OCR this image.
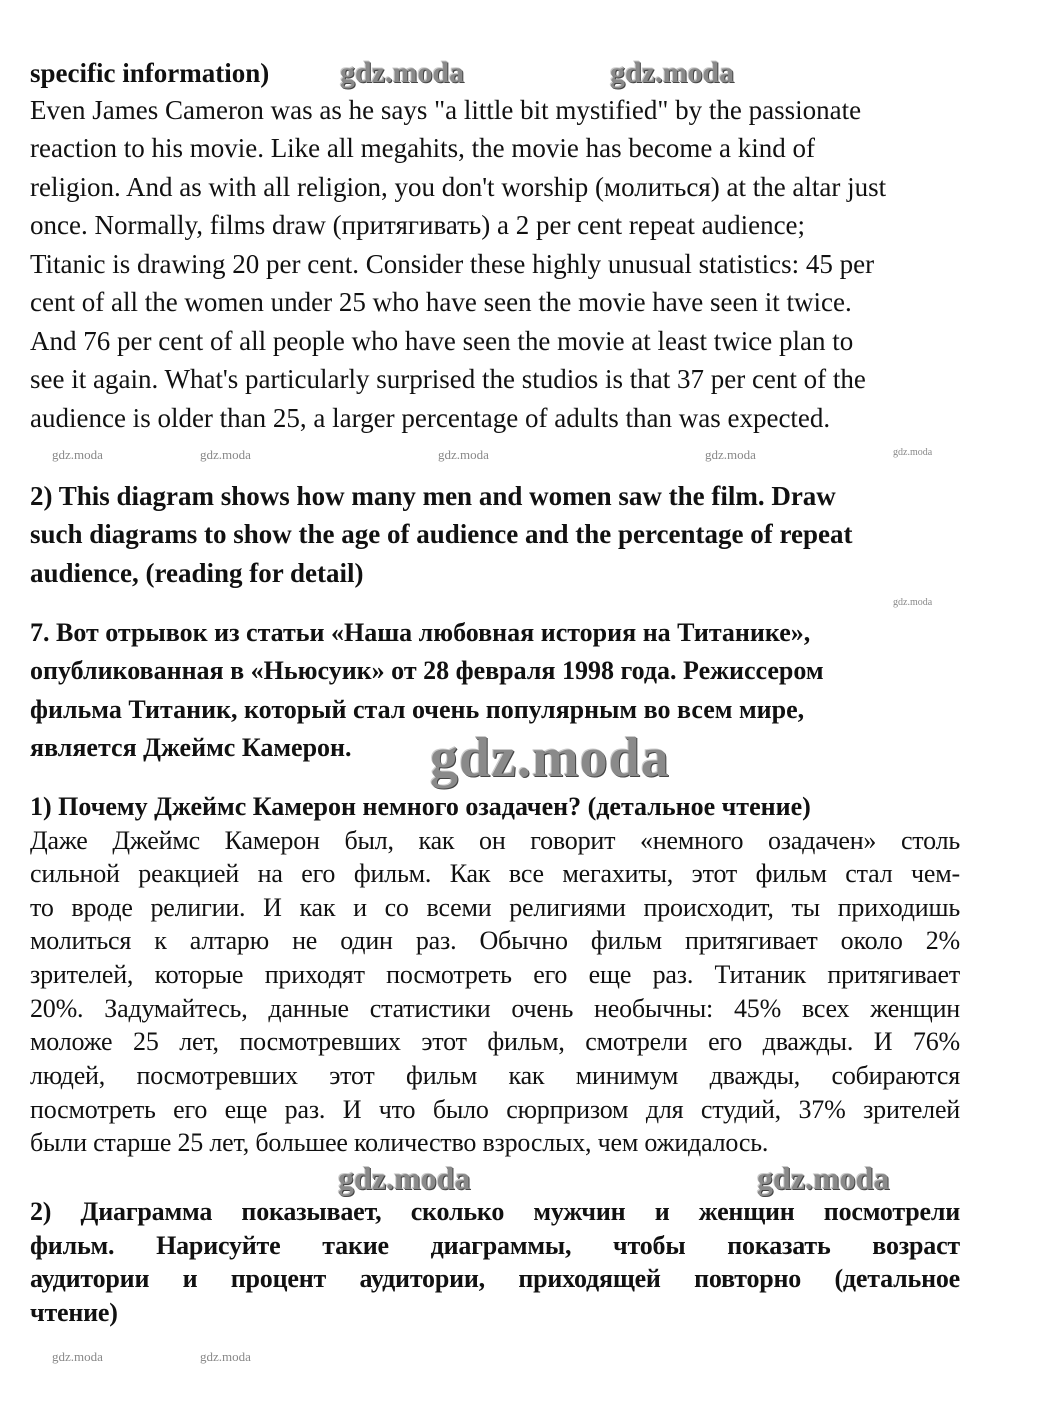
specific information)
Even James Cameron was as he says "a little bit mystified" by the passionate
reaction to his movie. Like all megahits, the movie has become a kind of
religion. And as with all religion, you don't worship (молиться) at the altar just
once. Normally, films draw (притягивать) a 2 per cent repeat audience;
Titanic is drawing 20 per cent. Consider these highly unusual statistics: 45 per
cent of all the women under 25 who have seen the movie have seen it twice.
And 76 per cent of all people who have seen the movie at least twice plan to
see it again. What's particularly surprised the studios is that 37 per cent of the
audience is older than 25, a larger percentage of adults than was expected.
2) This diagram shows how many men and women saw the film. Draw
such diagrams to show the age of audience and the percentage of repeat
audience, (reading for detail)
7. Вот отрывок из статьи «Наша любовная история на Титанике»,
опубликованная в «Ньюсуик» от 28 февраля 1998 года. Режиссером
фильма Титаник, который стал очень популярным во всем мире,
является Джеймс Камерон.
1) Почему Джеймс Камерон немного озадачен? (детальное чтение)
Даже Джеймс Камерон был, как он говорит «немного озадачен» столь
сильной реакцией на его фильм. Как все мегахиты, этот фильм стал чем-
то вроде религии. И как и со всеми религиями происходит, ты приходишь
молиться к алтарю не один раз. Обычно фильм притягивает около 2%
зрителей, которые приходят посмотреть его еще раз. Титаник притягивает
20%. Задумайтесь, данные статистики очень необычны: 45% всех женщин
моложе 25 лет, посмотревших этот фильм, смотрели его дважды. И 76%
людей, посмотревших этот фильм как минимум дважды, собираются
посмотреть его еще раз. И что было сюрпризом для студий, 37% зрителей
были старше 25 лет, большее количество взрослых, чем ожидалось.
2) Диаграмма показывает, сколько мужчин и женщин посмотрели
фильм. Нарисуйте такие диаграммы, чтобы показать возраст
аудитории и процент аудитории, приходящей повторно (детальное
чтение)
gdz.moda	gdz.moda
gdz.moda	gdz.moda	gdz.moda
gdz.moda	gdz.moda
gdz.moda
gdz.moda
gdz.moda
gdz.moda	gdz.moda
gdz.moda
